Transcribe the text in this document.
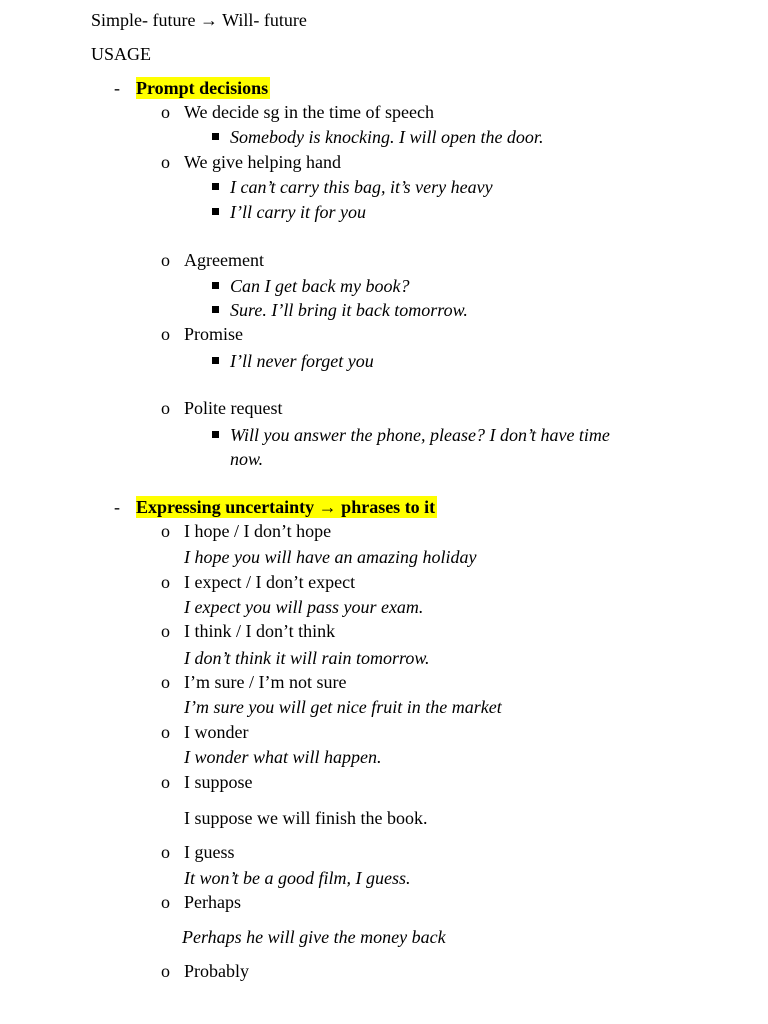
Simple- future → Will- future
USAGE
- Prompt decisions
o We decide sg in the time of speech
Somebody is knocking. I will open the door.
o We give helping hand
I can’t carry this bag, it’s very heavy
I’ll carry it for you
o Agreement
Can I get back my book?
Sure. I’ll bring it back tomorrow.
o Promise
I’ll never forget you
o Polite request
Will you answer the phone, please? I don’t have time
now.
- Expressing uncertainty → phrases to it
o I hope / I don’t hope
I hope you will have an amazing holiday
o I expect / I don’t expect
I expect you will pass your exam.
o I think / I don’t think
I don’t think it will rain tomorrow.
o I’m sure / I’m not sure
I’m sure you will get nice fruit in the market
o I wonder
I wonder what will happen.
o I suppose
I suppose we will finish the book.
o I guess
It won’t be a good film, I guess.
o Perhaps
Perhaps he will give the money back
o Probably
